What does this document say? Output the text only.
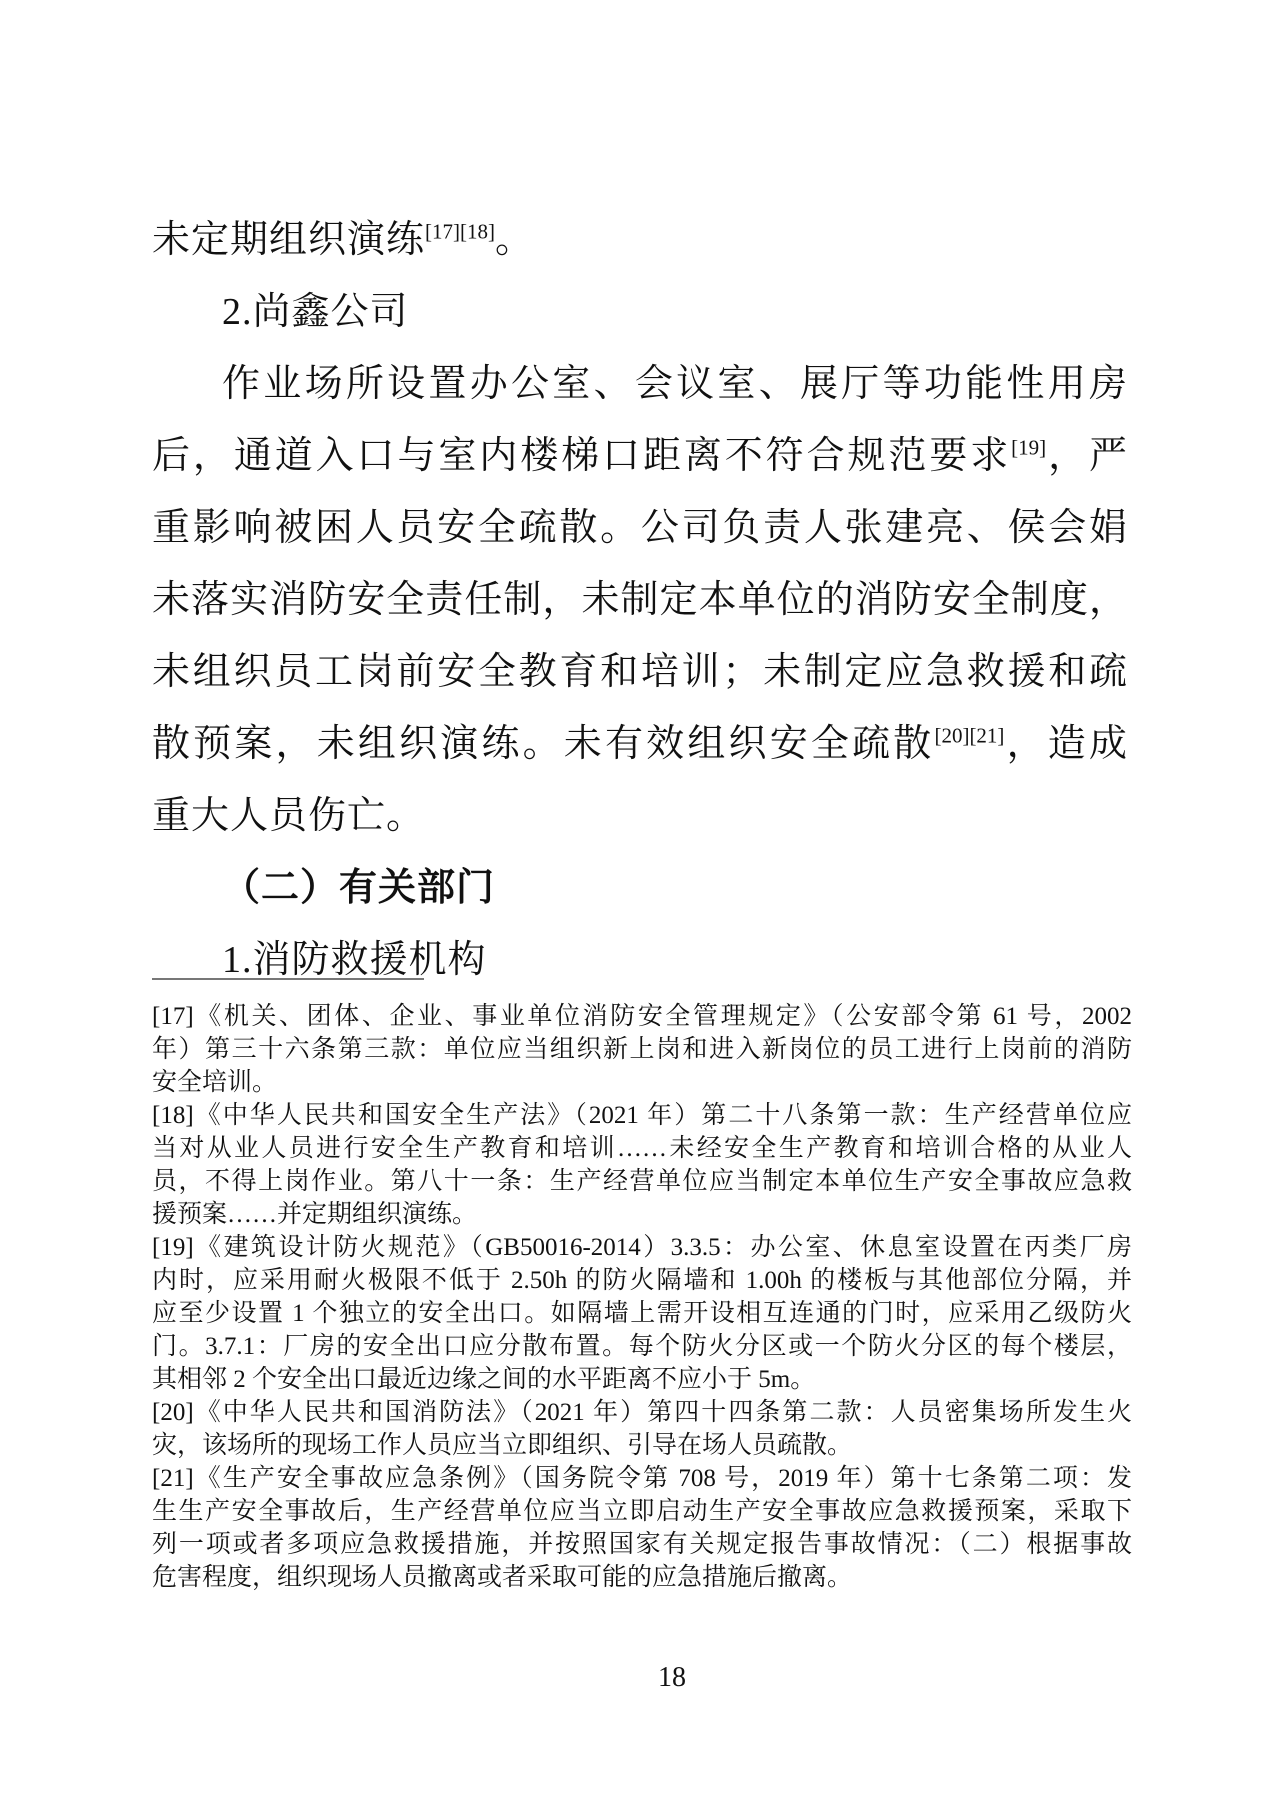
未定期组织演练[17][18]。
2.尚鑫公司
作业场所设置办公室、会议室、展厅等功能性用房
后，通道入口与室内楼梯口距离不符合规范要求[19]，严
重影响被困人员安全疏散。公司负责人张建亮、侯会娟
未落实消防安全责任制，未制定本单位的消防安全制度，
未组织员工岗前安全教育和培训；未制定应急救援和疏
散预案，未组织演练。未有效组织安全疏散[20][21]，造成
重大人员伤亡。
（二）有关部门
1.消防救援机构
[17]《机关、团体、企业、事业单位消防安全管理规定》（公安部令第 61 号，2002
年）第三十六条第三款：单位应当组织新上岗和进入新岗位的员工进行上岗前的消防
安全培训。
[18]《中华人民共和国安全生产法》（2021 年）第二十八条第一款：生产经营单位应
当对从业人员进行安全生产教育和培训……未经安全生产教育和培训合格的从业人
员，不得上岗作业。第八十一条：生产经营单位应当制定本单位生产安全事故应急救
援预案……并定期组织演练。
[19]《建筑设计防火规范》（GB50016-2014）3.3.5：办公室、休息室设置在丙类厂房
内时，应采用耐火极限不低于 2.50h 的防火隔墙和 1.00h 的楼板与其他部位分隔，并
应至少设置 1 个独立的安全出口。如隔墙上需开设相互连通的门时，应采用乙级防火
门。3.7.1：厂房的安全出口应分散布置。每个防火分区或一个防火分区的每个楼层，
其相邻 2 个安全出口最近边缘之间的水平距离不应小于 5m。
[20]《中华人民共和国消防法》（2021 年）第四十四条第二款：人员密集场所发生火
灾，该场所的现场工作人员应当立即组织、引导在场人员疏散。
[21]《生产安全事故应急条例》（国务院令第 708 号，2019 年）第十七条第二项：发
生生产安全事故后，生产经营单位应当立即启动生产安全事故应急救援预案，采取下
列一项或者多项应急救援措施，并按照国家有关规定报告事故情况：（二）根据事故
危害程度，组织现场人员撤离或者采取可能的应急措施后撤离。
18
